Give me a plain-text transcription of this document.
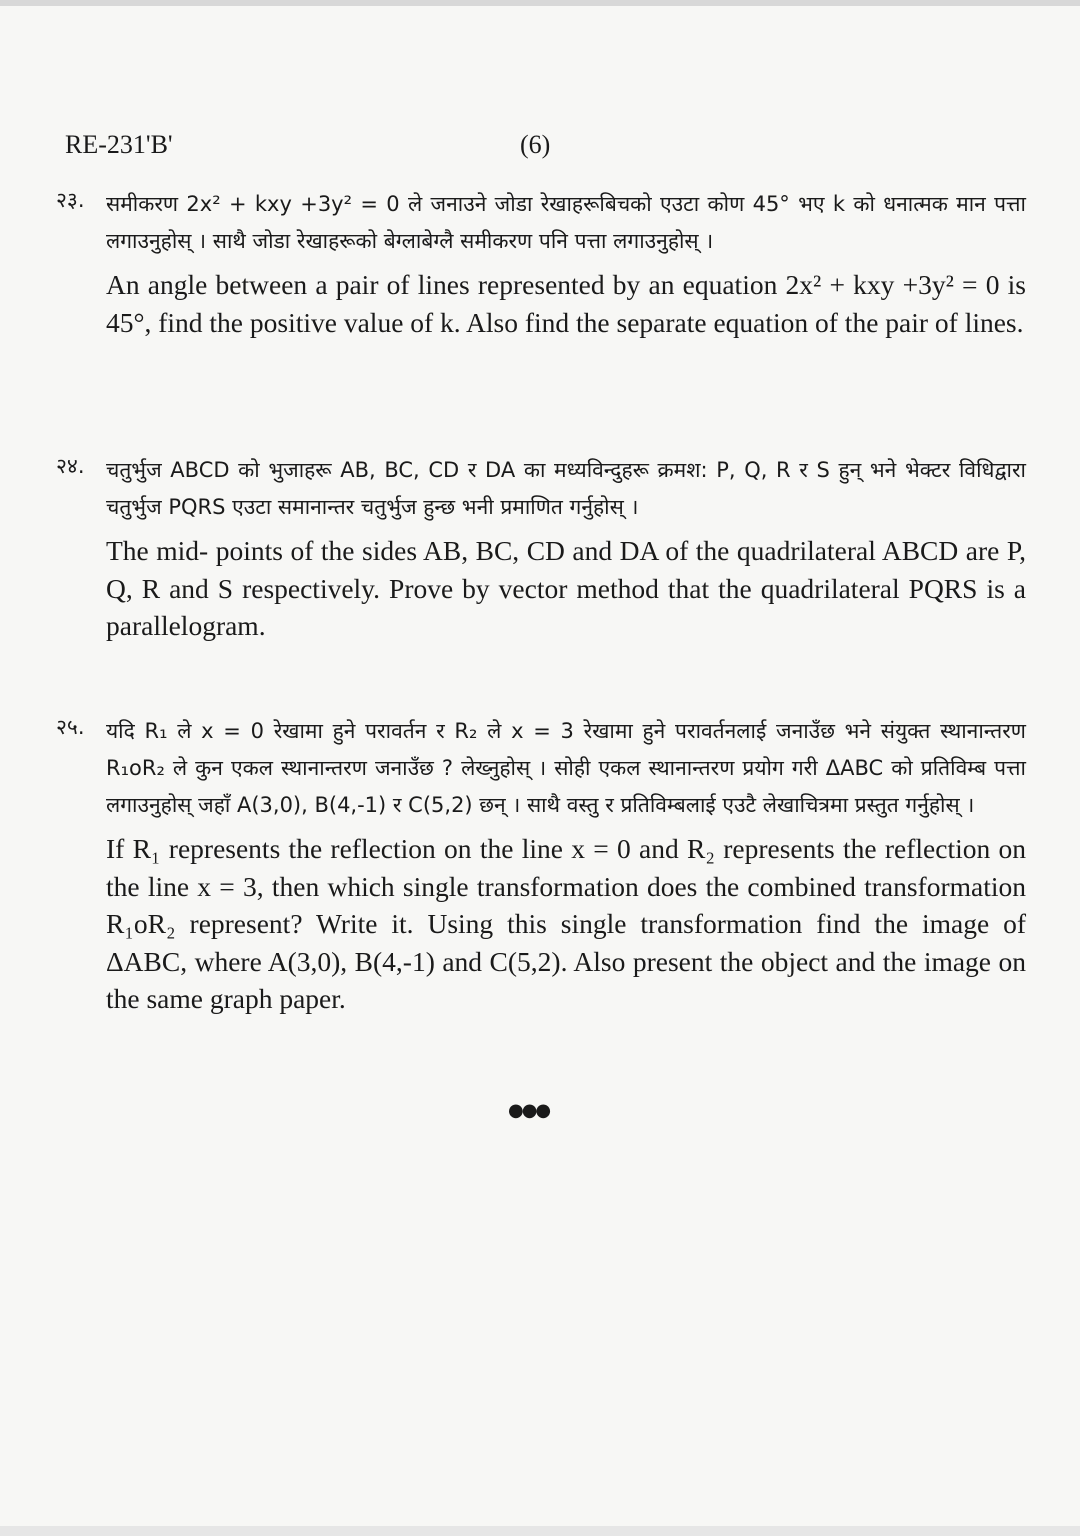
RE-231'B'	(6)
२३. समीकरण 2x² + kxy +3y² = 0 ले जनाउने जोडा रेखाहरूबिचको एउटा कोण 45° भए k को धनात्मक मान पत्ता लगाउनुहोस् । साथै जोडा रेखाहरूको बेग्लाबेग्लै समीकरण पनि पत्ता लगाउनुहोस् ।
An angle between a pair of lines represented by an equation 2x² + kxy +3y² = 0 is 45°, find the positive value of k. Also find the separate equation of the pair of lines.
२४. चतुर्भुज ABCD को भुजाहरू AB, BC, CD र DA का मध्यविन्दुहरू क्रमश: P, Q, R र S हुन् भने भेक्टर विधिद्वारा चतुर्भुज PQRS एउटा समानान्तर चतुर्भुज हुन्छ भनी प्रमाणित गर्नुहोस् ।
The mid- points of the sides AB, BC, CD and DA of the quadrilateral ABCD are P, Q, R and S respectively. Prove by vector method that the quadrilateral PQRS is a parallelogram.
२५. यदि R₁ ले x = 0 रेखामा हुने परावर्तन र R₂ ले x = 3 रेखामा हुने परावर्तनलाई जनाउँछ भने संयुक्त स्थानान्तरण R₁oR₂ ले कुन एकल स्थानान्तरण जनाउँछ ? लेख्नुहोस् । सोही एकल स्थानान्तरण प्रयोग गरी ΔABC को प्रतिविम्ब पत्ता लगाउनुहोस् जहाँ A(3,0), B(4,-1) र C(5,2) छन् । साथै वस्तु र प्रतिविम्बलाई एउटै लेखाचित्रमा प्रस्तुत गर्नुहोस् ।
If R₁ represents the reflection on the line x = 0 and R₂ represents the reflection on the line x = 3, then which single transformation does the combined transformation R₁oR₂ represent? Write it. Using this single transformation find the image of ΔABC, where A(3,0), B(4,-1) and C(5,2). Also present the object and the image on the same graph paper.
●●●
